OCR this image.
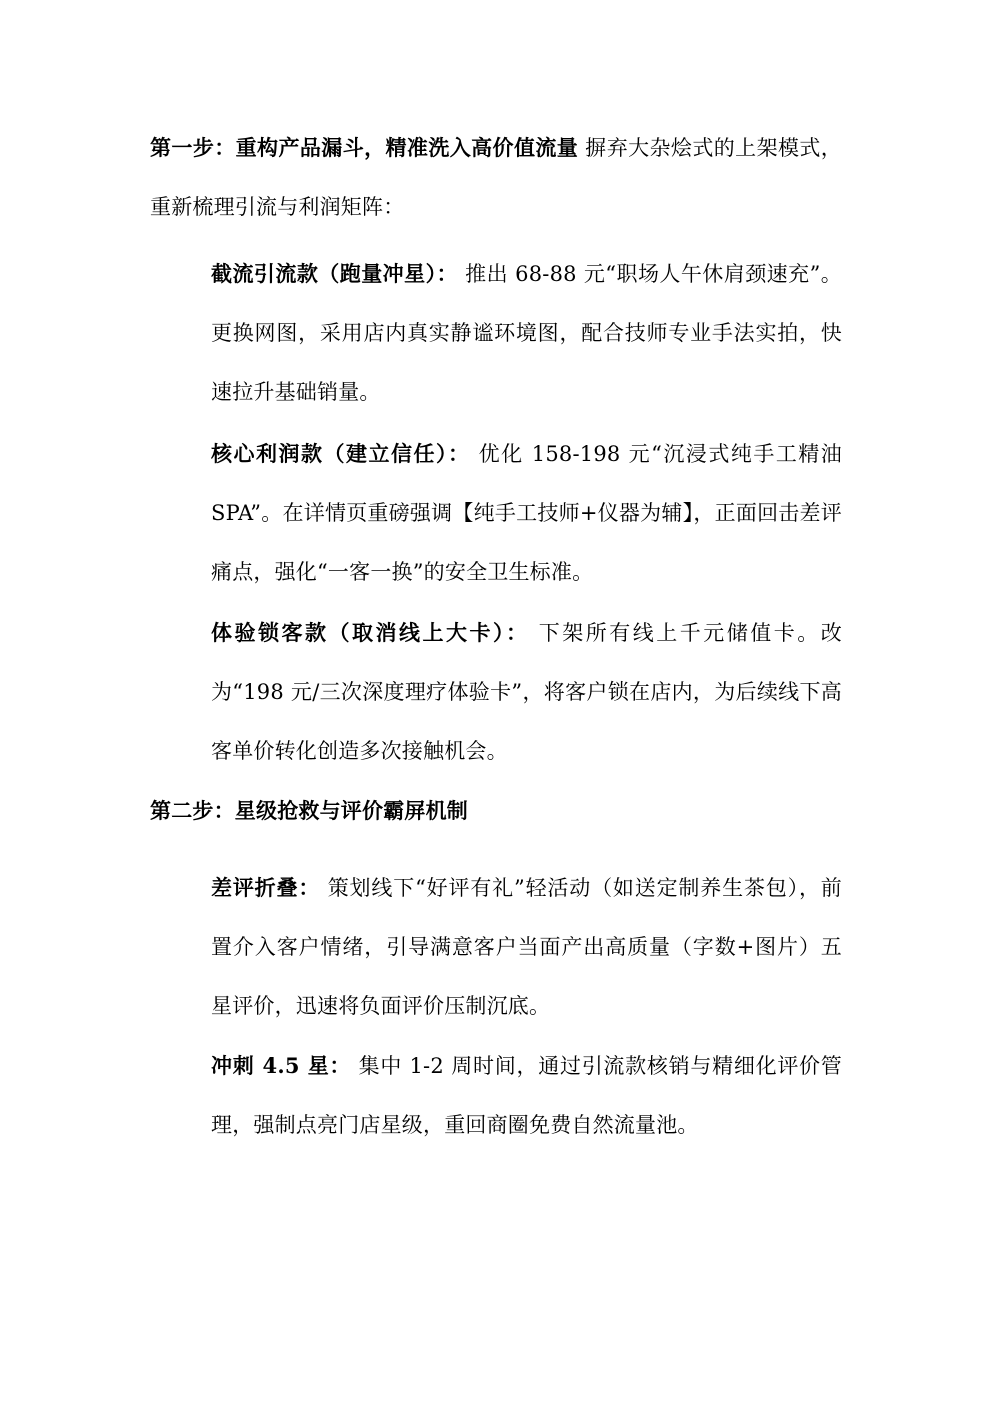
第一步：重构产品漏斗，精准洗入高价值流量 摒弃大杂烩式的上架模式，重新梳理引流与利润矩阵：

截流引流款（跑量冲星）： 推出 68-88 元“职场人午休肩颈速充”。更换网图，采用店内真实静谧环境图，配合技师专业手法实拍，快速拉升基础销量。

核心利润款（建立信任）： 优化 158-198 元“沉浸式纯手工精油 SPA”。在详情页重磅强调【纯手工技师+仪器为辅】，正面回击差评痛点，强化“一客一换”的安全卫生标准。

体验锁客款（取消线上大卡）： 下架所有线上千元储值卡。改为“198 元/三次深度理疗体验卡”，将客户锁在店内，为后续线下高客单价转化创造多次接触机会。

第二步：星级抢救与评价霸屏机制

差评折叠： 策划线下“好评有礼”轻活动（如送定制养生茶包），前置介入客户情绪，引导满意客户当面产出高质量（字数+图片）五星评价，迅速将负面评价压制沉底。

冲刺 4.5 星： 集中 1-2 周时间，通过引流款核销与精细化评价管理，强制点亮门店星级，重回商圈免费自然流量池。
